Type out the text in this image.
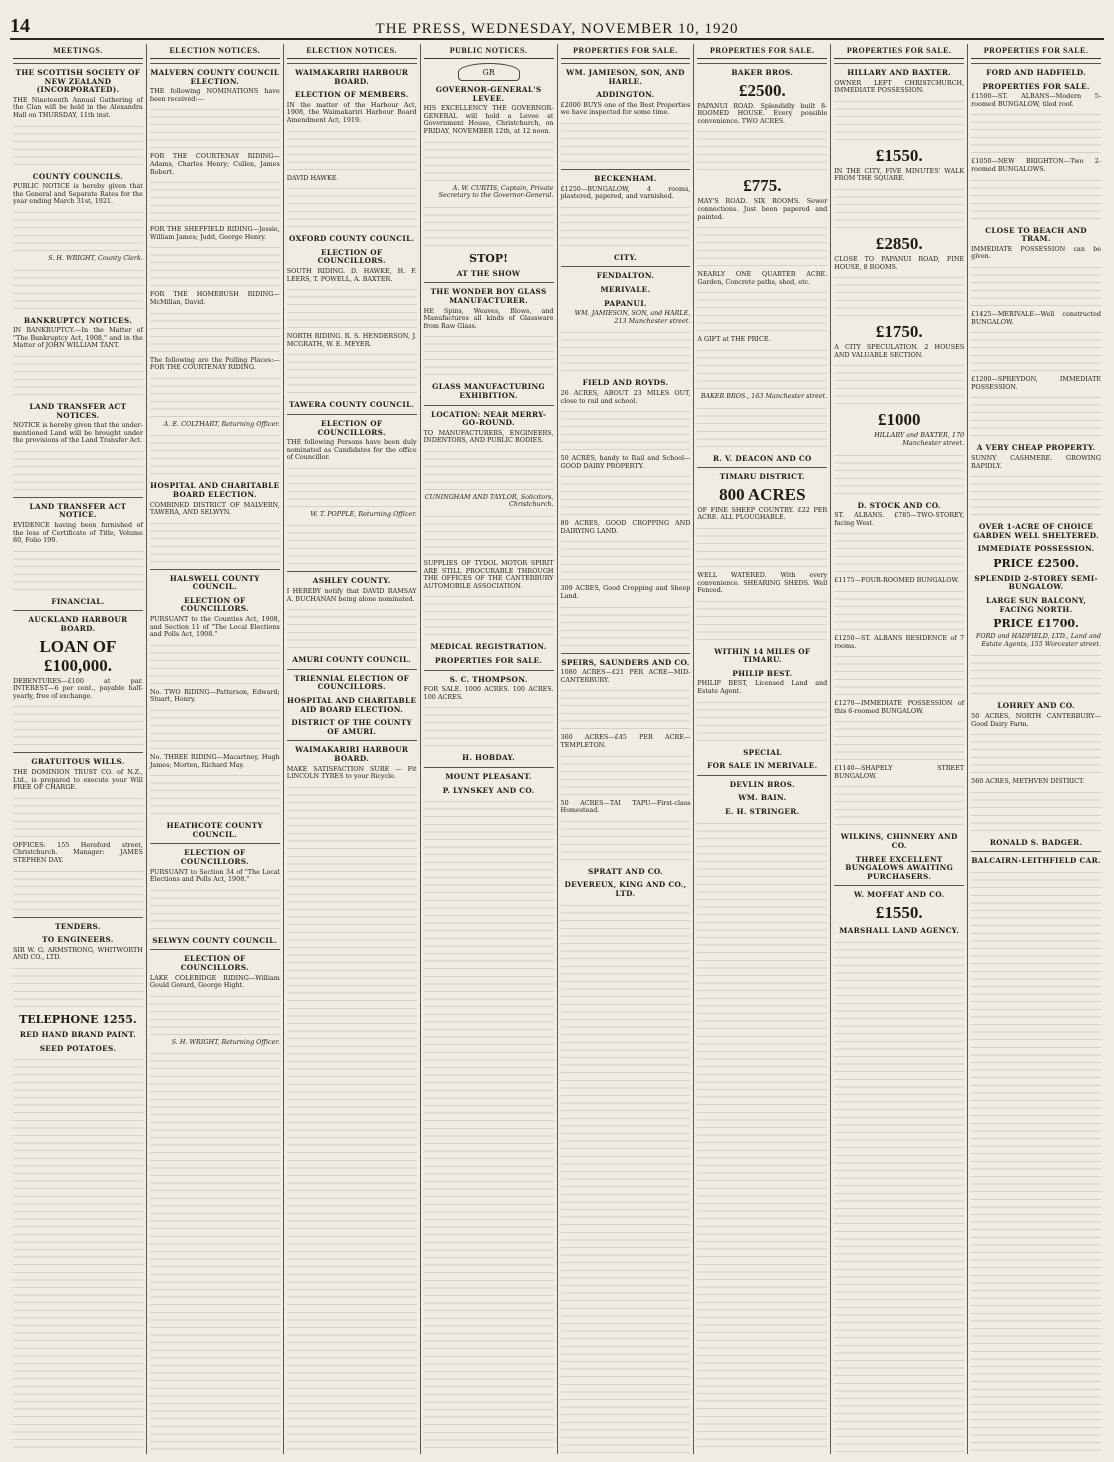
14	THE PRESS, WEDNESDAY, NOVEMBER 10, 1920
MEETINGS.
THE SCOTTISH SOCIETY OF NEW ZEALAND (INCORPORATED).
THE Nineteenth Annual Gathering of the Clan will be held in the Alexandra Hall on THURSDAY, 11th inst.
COUNTY COUNCILS.
PUBLIC NOTICE is hereby given that the General and Separate Rates for the year ending March 31st, 1921.
S. H. WRIGHT, County Clerk.
BANKRUPTCY NOTICES.
IN BANKRUPTCY.—In the Matter of "The Bankruptcy Act, 1908," and in the Matter of JOHN WILLIAM TANT.
LAND TRANSFER ACT NOTICES.
NOTICE is hereby given that the under-mentioned Land will be brought under the provisions of the Land Transfer Act.
LAND TRANSFER ACT NOTICE.
EVIDENCE having been furnished of the loss of Certificate of Title, Volume 80, Folio 199.
FINANCIAL.
AUCKLAND HARBOUR BOARD.
LOAN OF £100,000.
DEBENTURES—£100 at par. INTEREST—6 per cent., payable half-yearly, free of exchange.
GRATUITOUS WILLS.
THE DOMINION TRUST CO. of N.Z., Ltd., is prepared to execute your Will FREE OF CHARGE.
OFFICES: 155 Hereford street, Christchurch. Manager: JAMES STEPHEN DAY.
TENDERS.
TO ENGINEERS.
SIR W. G. ARMSTRONG, WHITWORTH AND CO., LTD.
TELEPHONE 1255.
RED HAND BRAND PAINT.
SEED POTATOES.
ELECTION NOTICES.
MALVERN COUNTY COUNCIL ELECTION.
THE following NOMINATIONS have been received:—
FOR THE COURTENAY RIDING—Adams, Charles Henry; Cullen, James Robert.
FOR THE SHEFFIELD RIDING—Jessie, William James; Judd, George Henry.
FOR THE HOMEBUSH RIDING—McMillan, David.
The following are the Polling Places:—FOR THE COURTENAY RIDING.
A. E. COLTHART, Returning Officer.
HOSPITAL AND CHARITABLE BOARD ELECTION.
COMBINED DISTRICT OF MALVERN, TAWERA, AND SELWYN.
HALSWELL COUNTY COUNCIL.
ELECTION OF COUNCILLORS.
PURSUANT to the Counties Act, 1908, and Section 11 of "The Local Elections and Polls Act, 1908."
No. TWO RIDING—Patterson, Edward; Stuart, Henry.
No. THREE RIDING—Macartney, Hugh James; Morten, Richard May.
HEATHCOTE COUNTY COUNCIL.
ELECTION OF COUNCILLORS.
PURSUANT to Section 34 of "The Local Elections and Polls Act, 1908."
SELWYN COUNTY COUNCIL.
ELECTION OF COUNCILLORS.
LAKE COLERIDGE RIDING—William Gould Gerard, George Hight.
S. H. WRIGHT, Returning Officer.
ELECTION NOTICES.
WAIMAKARIRI HARBOUR BOARD.
ELECTION OF MEMBERS.
IN the matter of the Harbour Act, 1908, the Waimakariri Harbour Board Amendment Act, 1919.
DAVID HAWKE.
OXFORD COUNTY COUNCIL.
ELECTION OF COUNCILLORS.
SOUTH RIDING. D. HAWKE, H. F. LEERS, T. POWELL, A. BAXTER.
NORTH RIDING. R. S. HENDERSON, J. MCGRATH, W. E. MEYER.
TAWERA COUNTY COUNCIL.
ELECTION OF COUNCILLORS.
THE following Persons have been duly nominated as Candidates for the office of Councillor.
W. T. POPPLE, Returning Officer.
ASHLEY COUNTY.
I HEREBY notify that DAVID RAMSAY A. BUCHANAN being alone nominated.
AMURI COUNTY COUNCIL.
TRIENNIAL ELECTION OF COUNCILLORS.
HOSPITAL AND CHARITABLE AID BOARD ELECTION.
DISTRICT OF THE COUNTY OF AMURI.
WAIMAKARIRI HARBOUR BOARD.
MAKE SATISFACTION SURE — Fit LINCOLN TYRES to your Bicycle.
PUBLIC NOTICES.
GR
GOVERNOR-GENERAL'S LEVEE.
HIS EXCELLENCY THE GOVERNOR-GENERAL will hold a Levee at Government House, Christchurch, on FRIDAY, NOVEMBER 12th, at 12 noon.
A. W. CURTIS, Captain, Private Secretary to the Governor-General.
STOP!
AT THE SHOW
THE WONDER BOY GLASS MANUFACTURER.
HE Spins, Weaves, Blows, and Manufactures all kinds of Glassware from Raw Glass.
GLASS MANUFACTURING EXHIBITION.
LOCATION: NEAR MERRY-GO-ROUND.
TO MANUFACTURERS, ENGINEERS, INDENTORS, AND PUBLIC BODIES.
CUNINGHAM AND TAYLOR, Solicitors, Christchurch.
SUPPLIES OF TYDOL MOTOR SPIRIT ARE STILL PROCURABLE THROUGH THE OFFICES OF THE CANTERBURY AUTOMOBILE ASSOCIATION.
MEDICAL REGISTRATION.
PROPERTIES FOR SALE.
S. C. THOMPSON.
FOR SALE. 1000 ACRES. 100 ACRES. 100 ACRES.
H. HOBDAY.
MOUNT PLEASANT.
P. LYNSKEY AND CO.
PROPERTIES FOR SALE.
WM. JAMIESON, SON, AND HARLE.
ADDINGTON.
£2000 BUYS one of the Best Properties we have inspected for some time.
BECKENHAM.
£1250—BUNGALOW, 4 rooms, plastered, papered, and varnished.
CITY.
FENDALTON.
MERIVALE.
PAPANUI.
WM. JAMIESON, SON, and HARLE, 213 Manchester street.
FIELD AND ROYDS.
26 ACRES, ABOUT 23 MILES OUT, close to rail and school.
50 ACRES, handy to Rail and School—GOOD DAIRY PROPERTY.
80 ACRES, GOOD CROPPING AND DAIRYING LAND.
309 ACRES, Good Cropping and Sheep Land.
SPEIRS, SAUNDERS AND CO.
1080 ACRES—£21 PER ACRE—MID-CANTERBURY.
360 ACRES—£45 PER ACRE—TEMPLETON.
50 ACRES—TAI TAPU—First-class Homestead.
SPRATT AND CO.
DEVEREUX, KING AND CO., LTD.
PROPERTIES FOR SALE.
BAKER BROS.
£2500.
PAPANUI ROAD. Splendidly built 8-ROOMED HOUSE. Every possible convenience. TWO ACRES.
£775.
MAY'S ROAD. SIX ROOMS. Sewer connections. Just been papered and painted.
NEARLY ONE QUARTER ACRE. Garden, Concrete paths, shed, etc.
A GIFT at THE PRICE.
BAKER BROS., 163 Manchester street.
R. V. DEACON AND CO
TIMARU DISTRICT.
800 ACRES
OF FINE SHEEP COUNTRY. £22 PER ACRE. ALL PLOUGHABLE.
WELL WATERED. With every convenience. SHEARING SHEDS. Well Fenced.
WITHIN 14 MILES OF TIMARU.
PHILIP BEST.
PHILIP BEST, Licensed Land and Estate Agent.
SPECIAL
FOR SALE IN MERIVALE.
DEVLIN BROS.
WM. BAIN.
E. H. STRINGER.
PROPERTIES FOR SALE.
HILLARY AND BAXTER.
OWNER LEFT CHRISTCHURCH, IMMEDIATE POSSESSION.
£1550.
IN THE CITY, FIVE MINUTES' WALK FROM THE SQUARE.
£2850.
CLOSE TO PAPANUI ROAD, FINE HOUSE, 8 ROOMS.
£1750.
A CITY SPECULATION. 2 HOUSES AND VALUABLE SECTION.
£1000
HILLARY and BAXTER, 170 Manchester street.
D. STOCK AND CO.
ST. ALBANS. £785—TWO-STOREY, facing West.
£1175—FOUR-ROOMED BUNGALOW.
£1250—ST. ALBANS RESIDENCE of 7 rooms.
£1270—IMMEDIATE POSSESSION of this 6-roomed BUNGALOW.
£1140—SHAPELY STREET BUNGALOW.
WILKINS, CHINNERY AND CO.
THREE EXCELLENT BUNGALOWS AWAITING PURCHASERS.
W. MOFFAT AND CO.
£1550.
MARSHALL LAND AGENCY.
PROPERTIES FOR SALE.
FORD AND HADFIELD.
PROPERTIES FOR SALE.
£1500—ST. ALBANS—Modern 5-roomed BUNGALOW, tiled roof.
£1050—NEW BRIGHTON—Two 2-roomed BUNGALOWS.
CLOSE TO BEACH AND TRAM.
IMMEDIATE POSSESSION can be given.
£1425—MERIVALE—Well constructed BUNGALOW.
£1200—SPREYDON, IMMEDIATE POSSESSION.
A VERY CHEAP PROPERTY.
SUNNY CASHMERE. GROWING RAPIDLY.
OVER 1-ACRE OF CHOICE GARDEN WELL SHELTERED.
IMMEDIATE POSSESSION.
PRICE £2500.
SPLENDID 2-STOREY SEMI-BUNGALOW.
LARGE SUN BALCONY, FACING NORTH.
PRICE £1700.
FORD and HADFIELD, LTD., Land and Estate Agents, 155 Worcester street.
LOHREY AND CO.
50 ACRES, NORTH CANTERBURY—Good Dairy Farm.
560 ACRES, METHVEN DISTRICT.
RONALD S. BADGER.
BALCAIRN-LEITHFIELD CAR.
